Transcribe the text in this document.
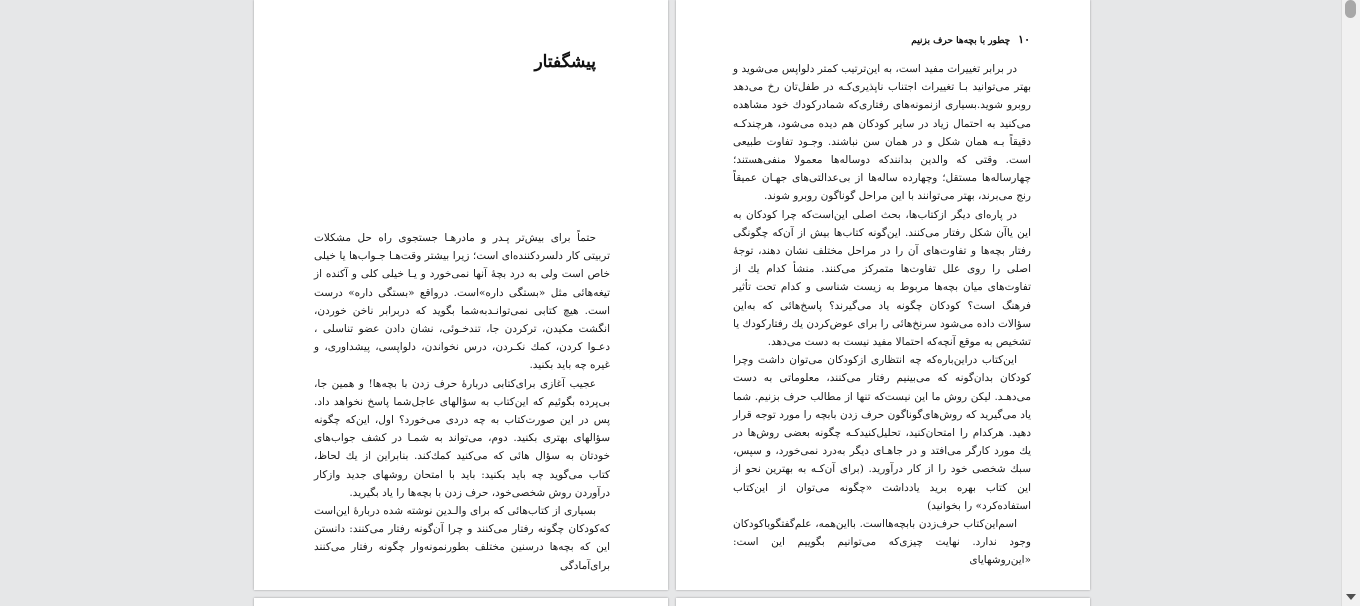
پیشگفتار

حتماً برای بیش‌تر پـدر و مادرهـا جستجوی راه حل مشکلات تربیتی کار دلسردکننده‌ای است؛ زیرا بیشتر وقت‌هـا جـواب‌ها یا خیلی خاص است ولی به درد بچهٔ آنها نمی‌خورد و یـا خیلی کلی و آکنده از تیغه‌هائی مثل «بستگی داره»است. درواقع «بستگی داره» درست است. هیچ کتابی نمی‌توانـدبه‌شما بگوید که دربرابر ناخن خوردن، انگشت مکیدن، ترکردن جا، تندخـوئی، نشان دادن عضو تناسلی ، دعـوا کردن، کمك نکـردن، درس نخواندن، دلواپسی، پیشداوری، و غیره چه باید بکنید.

عجیب آغازی برای‌کتابی دربارهٔ حرف زدن با بچه‌ها! و همین جا، بی‌پرده بگوئیم که این‌کتاب به سؤالهای عاجل‌شما پاسخ نخواهد داد. پس در این صورت‌کتاب به چه دردی می‌خورد؟ اول، این‌که چگونه سؤالهای بهتری بکنید. دوم، می‌تواند به شمـا در کشف جواب‌های خودتان به سؤال هائی که می‌کنید کمك‌کند. بنابراین از یك لحاظ، کتاب می‌گوید چه باید بکنید: باید با امتحان روشهای جدید وازکار درآوردن روش شخصی‌خود، حرف زدن با بچه‌ها را یاد بگیرید.

بسیاری از کتاب‌هائی که برای والـدین نوشته شده دربارهٔ این‌است که‌کودکان چگونه رفتار می‌کنند و چرا آن‌گونه رفتار می‌کنند: دانستن این که بچه‌ها درسنین مختلف بطورنمونه‌وار چگونه رفتار می‌کنند برای‌آمادگی

۱۰
چطور با بچه‌ها حرف بزنیم

در برابر تغییرات مفید است، به این‌ترتیب کمتر دلواپس می‌شوید و بهتر می‌توانید بـا تغییرات اجتناب ناپذیری‌کـه در طفل‌تان رخ می‌دهد روبرو شوید.بسیاری ازنمونه‌های رفتاری‌که شمادرکودك خود مشاهده می‌کنید به احتمال زیاد در سایر کودکان هم دیده می‌شود، هرچندکـه دقیقاً بـه همان شکل و در همان سن نباشند. وجـود تفاوت طبیعی است. وقتی که والدین بدانندکه دوساله‌ها معمولا منفی‌هستند؛ چهارساله‌ها مستقل؛ وچهارده ساله‌ها از بی‌عدالتی‌های جهـان عمیقاً رنج می‌برند، بهتر می‌توانند با این مراحل گوناگون روبرو شوند.

در پاره‌ای دیگر ازکتاب‌ها، بحث اصلی این‌است‌که چرا کودکان به این یاآن شکل رفتار می‌کنند. این‌گونه کتاب‌ها بیش از آن‌که چگونگی رفتار بچه‌ها و تفاوت‌های آن را در مراحل مختلف نشان دهند، توجهٔ اصلی را روی علل تفاوت‌ها متمرکز می‌کنند. منشأ کدام یك از تفاوت‌های میان بچه‌ها مربوط به زیست شناسی و کدام تحت تأثیر فرهنگ است؟ کودکان چگونه یاد می‌گیرند؟ پاسخ‌هائی که به‌این سؤالات داده می‌شود سرنخ‌هائی را برای عوض‌کردن یك رفتارکودك یا تشخیص به موقع آنچه‌که احتمالا مفید نیست به دست می‌دهد.

این‌کتاب دراین‌باره‌که چه انتظاری ازکودکان می‌توان داشت وچرا کودکان بدان‌گونه که می‌بینیم رفتار می‌کنند، معلوماتی به دست می‌دهـد. لیکن روش ما این نیست‌که تنها از مطالب حرف بزنیم. شما یاد می‌گیرید که روش‌های‌گوناگون حرف زدن بابچه را مورد توجه قرار دهید. هرکدام را امتحان‌کنید، تحلیل‌کنیدکـه چگونه بعضی روش‌ها در یك مورد کارگر می‌افتد و در جاهـای دیگر به‌درد نمی‌خورد، و سپس، سبك شخصی خود را از کار درآورید. (برای آن‌کـه به بهترین نحو از این کتاب بهره برید یادداشت «چگونه می‌توان از این‌کتاب استفاده‌کرد» را بخوانید)

اسم‌این‌کتاب حرف‌زدن بابچه‌هااست. بااین‌همه، علم‌گفتگوباکودکان وجود ندارد. نهایت چیزی‌که می‌توانیم بگوییم این است: «این‌روشهایای
